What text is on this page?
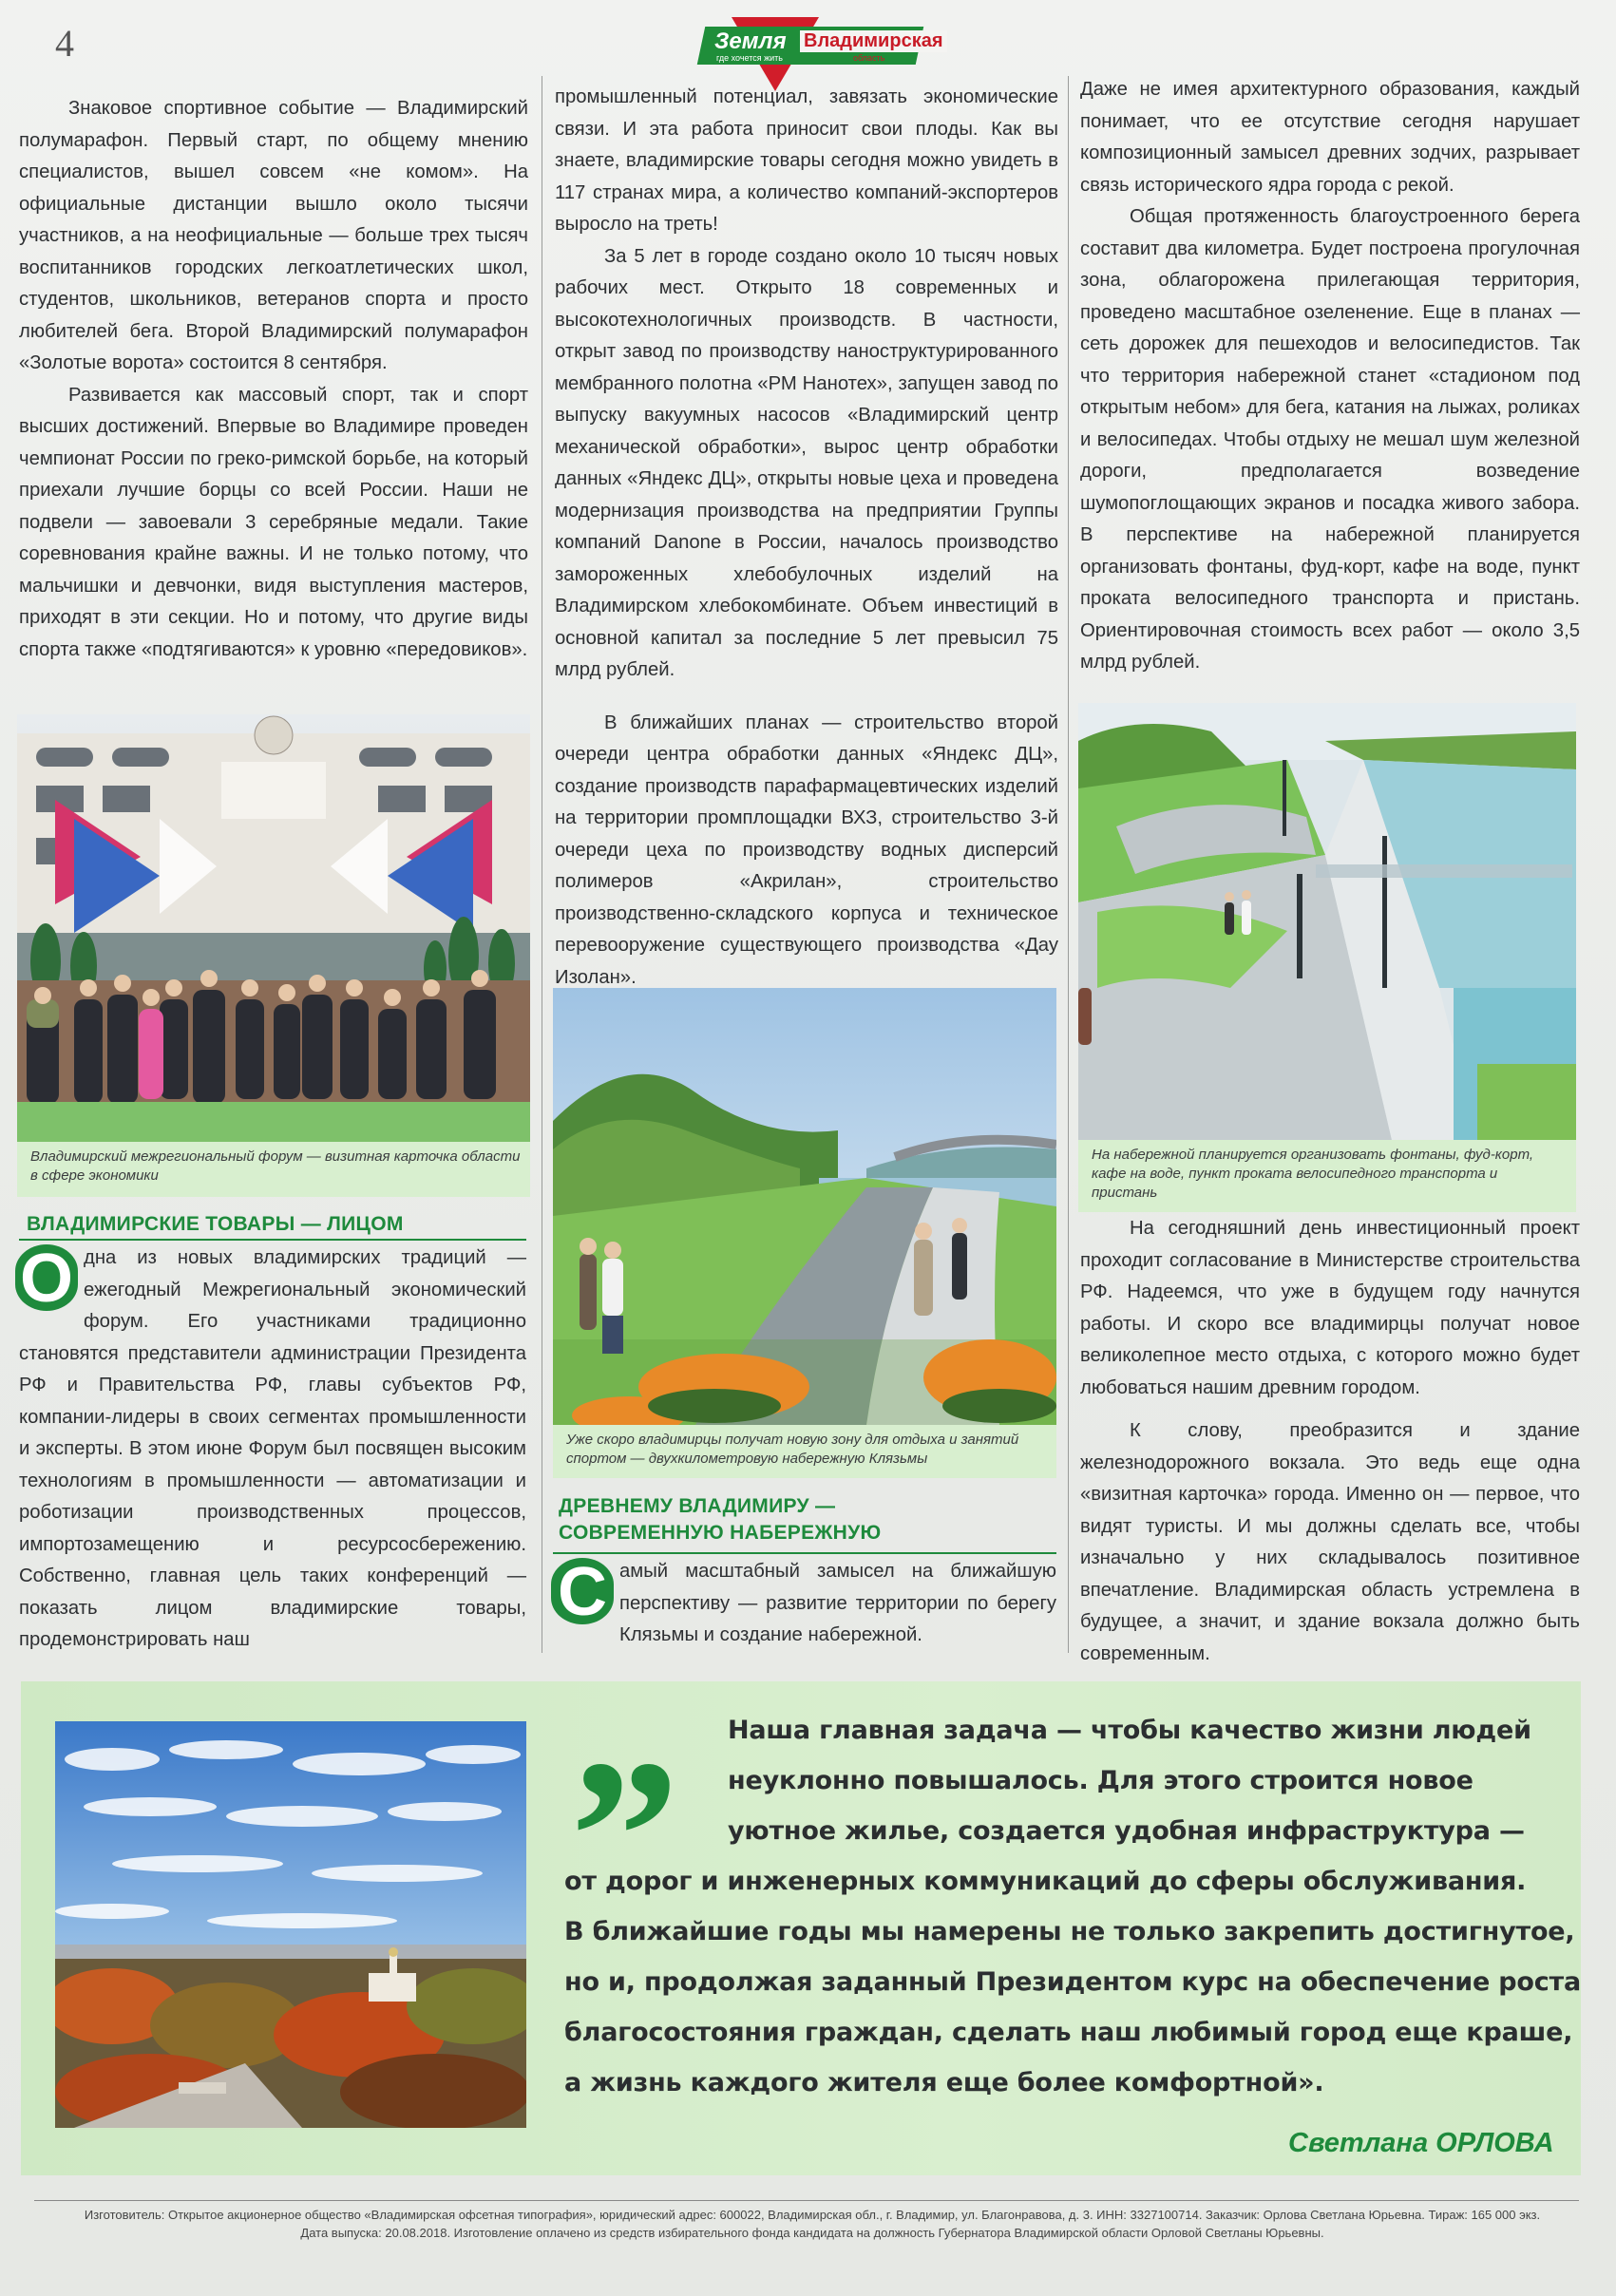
4	Земля Владимирская
где хочется жить	область

Знаковое спортивное событие — Владимирский полумарафон. Первый старт, по общему мнению специалистов, вышел совсем «не комом». На официальные дистанции вышло около тысячи участников, а на неофициальные — больше трех тысяч воспитанников городских легкоатлетических школ, студентов, школьников, ветеранов спорта и просто любителей бега. Второй Владимирский полумарафон «Золотые ворота» состоится 8 сентября.

Развивается как массовый спорт, так и спорт высших достижений. Впервые во Владимире проведен чемпионат России по греко-римской борьбе, на который приехали лучшие борцы со всей России. Наши не подвели — завоевали 3 серебряные медали. Такие соревнования крайне важны. И не только потому, что мальчишки и девчонки, видя выступления мастеров, приходят в эти секции. Но и потому, что другие виды спорта также «подтягиваются» к уровню «передовиков».

Владимирский межрегиональный форум — визитная карточка области в сфере экономики
ВЛАДИМИРСКИЕ ТОВАРЫ — ЛИЦОМ

О дна из новых владимирских традиций — ежегодный Межрегиональный экономический форум. Его участниками традиционно становятся представители администрации Президента РФ и Правительства РФ, главы субъектов РФ, компании-лидеры в своих сегментах промышленности и эксперты. В этом июне Форум был посвящен высоким технологиям в промышленности — автоматизации и роботизации производственных процессов, импортозамещению и ресурсосбережению. Собственно, главная цель таких конференций — показать лицом владимирские товары, продемонстрировать наш

промышленный потенциал, завязать экономические связи. И эта работа приносит свои плоды. Как вы знаете, владимирские товары сегодня можно увидеть в 117 странах мира, а количество компаний-экспортеров выросло на треть!

За 5 лет в городе создано около 10 тысяч новых рабочих мест. Открыто 18 современных и высокотехнологичных производств. В частности, открыт завод по производству наноструктурированного мембранного полотна «РМ Нанотех», запущен завод по выпуску вакуумных насосов «Владимирский центр механической обработки», вырос центр обработки данных «Яндекс ДЦ», открыты новые цеха и проведена модернизация производства на предприятии Группы компаний Danone в России, началось производство замороженных хлебобулочных изделий на Владимирском хлебокомбинате. Объем инвестиций в основной капитал за последние 5 лет превысил 75 млрд рублей.

В ближайших планах — строительство второй очереди центра обработки данных «Яндекс ДЦ», создание производств парафармацевтических изделий на территории промплощадки ВХЗ, строительство 3-й очереди цеха по производству водных дисперсий полимеров «Акрилан», строительство производственно-складского корпуса и техническое перевооружение существующего производства «Дау Изолан».

Уже скоро владимирцы получат новую зону для отдыха и занятий спортом — двухкилометровую набережную Клязьмы
ДРЕВНЕМУ ВЛАДИМИРУ —
СОВРЕМЕННУЮ НАБЕРЕЖНУЮ

С амый масштабный замысел на ближайшую перспективу — развитие территории по берегу Клязьмы и создание набережной.

Даже не имея архитектурного образования, каждый понимает, что ее отсутствие сегодня нарушает композиционный замысел древних зодчих, разрывает связь исторического ядра города с рекой.

Общая протяженность благоустроенного берега составит два километра. Будет построена прогулочная зона, облагорожена прилегающая территория, проведено масштабное озеленение. Еще в планах — сеть дорожек для пешеходов и велосипедистов. Так что территория набережной станет «стадионом под открытым небом» для бега, катания на лыжах, роликах и велосипедах. Чтобы отдыху не мешал шум железной дороги, предполагается возведение шумопоглощающих экранов и посадка живого забора. В перспективе на набережной планируется организовать фонтаны, фуд-корт, кафе на воде, пункт проката велосипедного транспорта и пристань. Ориентировочная стоимость всех работ — около 3,5 млрд рублей.

На набережной планируется организовать фонтаны, фуд-корт, кафе на воде, пункт проката велосипедного транспорта и пристань

На сегодняшний день инвестиционный проект проходит согласование в Министерстве строительства РФ. Надеемся, что уже в будущем году начнутся работы. И скоро все владимирцы получат новое великолепное место отдыха, с которого можно будет любоваться нашим древним городом.

К слову, преобразится и здание железнодорожного вокзала. Это ведь еще одна «визитная карточка» города. Именно он — первое, что видят туристы. И мы должны сделать все, чтобы изначально у них складывалось позитивное впечатление. Владимирская область устремлена в будущее, а значит, и здание вокзала должно быть современным.

” Наша главная задача — чтобы качество жизни людей
неуклонно повышалось. Для этого строится новое
уютное жилье, создается удобная инфраструктура —
от дорог и инженерных коммуникаций до сферы обслуживания.
В ближайшие годы мы намерены не только закрепить достигнутое,
но и, продолжая заданный Президентом курс на обеспечение роста
благосостояния граждан, сделать наш любимый город еще краше,
а жизнь каждого жителя еще более комфортной».
Светлана ОРЛОВА
Изготовитель: Открытое акционерное общество «Владимирская офсетная типография», юридический адрес: 600022, Владимирская обл., г. Владимир, ул. Благонравова, д. 3. ИНН: 3327100714. Заказчик: Орлова Светлана Юрьевна. Тираж: 165 000 экз.
Дата выпуска: 20.08.2018. Изготовление оплачено из средств избирательного фонда кандидата на должность Губернатора Владимирской области Орловой Светланы Юрьевны.
